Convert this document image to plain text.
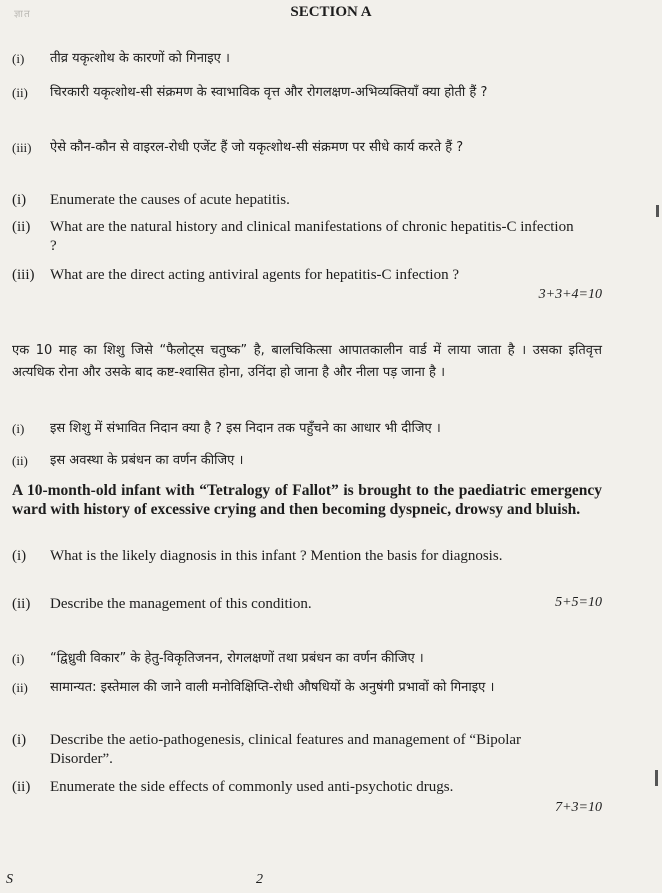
ज्ञात	SECTION A
(i) तीव्र यकृत्शोथ के कारणों को गिनाइए ।
(ii) चिरकारी यकृत्शोथ-सी संक्रमण के स्वाभाविक वृत्त और रोगलक्षण-अभिव्यक्तियाँ क्या होती हैं ?
(iii) ऐसे कौन-कौन से वाइरल-रोधी एजेंट हैं जो यकृत्शोथ-सी संक्रमण पर सीधे कार्य करते हैं ?
(i) Enumerate the causes of acute hepatitis.
(ii) What are the natural history and clinical manifestations of chronic hepatitis-C infection ?
(iii) What are the direct acting antiviral agents for hepatitis-C infection ?
3+3+4=10
एक 10 माह का शिशु जिसे “फैलोट्स चतुष्क” है, बालचिकित्सा आपातकालीन वार्ड में लाया जाता है । उसका इतिवृत्त अत्यधिक रोना और उसके बाद कष्ट-श्वासित होना, उनिंदा हो जाना है और नीला पड़ जाना है ।
(i) इस शिशु में संभावित निदान क्या है ? इस निदान तक पहुँचने का आधार भी दीजिए ।
(ii) इस अवस्था के प्रबंधन का वर्णन कीजिए ।
A 10-month-old infant with “Tetralogy of Fallot” is brought to the paediatric emergency ward with history of excessive crying and then becoming dyspneic, drowsy and bluish.
(i) What is the likely diagnosis in this infant ? Mention the basis for diagnosis.
(ii) Describe the management of this condition.	5+5=10
(i) “द्विध्रुवी विकार” के हेतु-विकृतिजनन, रोगलक्षणों तथा प्रबंधन का वर्णन कीजिए ।
(ii) सामान्यत: इस्तेमाल की जाने वाली मनोविक्षिप्ति-रोधी औषधियों के अनुषंगी प्रभावों को गिनाइए ।
(i) Describe the aetio-pathogenesis, clinical features and management of “Bipolar Disorder”.
(ii) Enumerate the side effects of commonly used anti-psychotic drugs.
7+3=10
S	2
